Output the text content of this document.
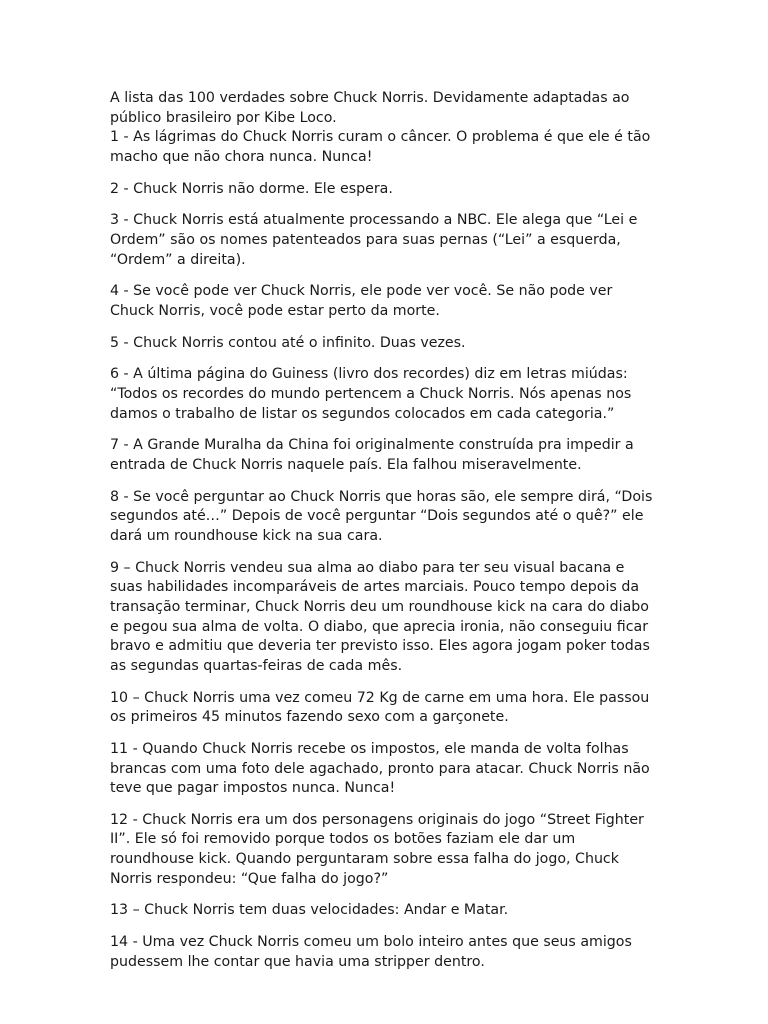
A lista das 100 verdades sobre Chuck Norris. Devidamente adaptadas ao
público brasileiro por Kibe Loco.

1 - As lágrimas do Chuck Norris curam o câncer. O problema é que ele é tão
macho que não chora nunca. Nunca!

2 - Chuck Norris não dorme. Ele espera.

3 - Chuck Norris está atualmente processando a NBC. Ele alega que “Lei e
Ordem” são os nomes patenteados para suas pernas (“Lei” a esquerda,
“Ordem” a direita).

4 - Se você pode ver Chuck Norris, ele pode ver você. Se não pode ver
Chuck Norris, você pode estar perto da morte.

5 - Chuck Norris contou até o infinito. Duas vezes.

6 - A última página do Guiness (livro dos recordes) diz em letras miúdas:
“Todos os recordes do mundo pertencem a Chuck Norris. Nós apenas nos
damos o trabalho de listar os segundos colocados em cada categoria.”

7 - A Grande Muralha da China foi originalmente construída pra impedir a
entrada de Chuck Norris naquele país. Ela falhou miseravelmente.

8 - Se você perguntar ao Chuck Norris que horas são, ele sempre dirá, “Dois
segundos até…” Depois de você perguntar “Dois segundos até o quê?” ele
dará um roundhouse kick na sua cara.

9 – Chuck Norris vendeu sua alma ao diabo para ter seu visual bacana e
suas habilidades incomparáveis de artes marciais. Pouco tempo depois da
transação terminar, Chuck Norris deu um roundhouse kick na cara do diabo
e pegou sua alma de volta. O diabo, que aprecia ironia, não conseguiu ficar
bravo e admitiu que deveria ter previsto isso. Eles agora jogam poker todas
as segundas quartas-feiras de cada mês.

10 – Chuck Norris uma vez comeu 72 Kg de carne em uma hora. Ele passou
os primeiros 45 minutos fazendo sexo com a garçonete.

11 - Quando Chuck Norris recebe os impostos, ele manda de volta folhas
brancas com uma foto dele agachado, pronto para atacar. Chuck Norris não
teve que pagar impostos nunca. Nunca!

12 - Chuck Norris era um dos personagens originais do jogo “Street Fighter
II”. Ele só foi removido porque todos os botões faziam ele dar um
roundhouse kick. Quando perguntaram sobre essa falha do jogo, Chuck
Norris respondeu: “Que falha do jogo?”

13 – Chuck Norris tem duas velocidades: Andar e Matar.

14 - Uma vez Chuck Norris comeu um bolo inteiro antes que seus amigos
pudessem lhe contar que havia uma stripper dentro.
